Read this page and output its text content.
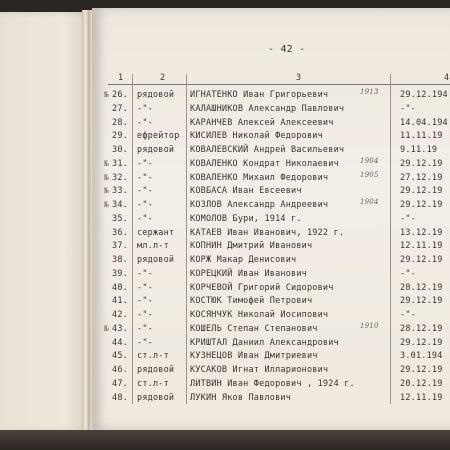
- 42 -
1	2	3	4
№ 26. рядовой ИГНАТЕНКО Иван Григорьевич	1913	29.12.194
27. -"-	КАЛАШНИКОВ Александр Павлович	-"-
28. -"-	КАРАНЧЕВ Алексей Алексеевич	14.04.194
29. ефрейтор КИСИЛЕВ Николай Федорович	11.11.19
30. рядовой КОВАЛЕВСКИЙ Андрей Васильевич	9.11.19
№ 31. -"-	КОВАЛЕНКО Кондрат Николаевич	1904	29.12.19
№ 32. -"-	КОВАЛЕНКО Михаил Федорович	1905	27.12.19
№ 33. -"-	КОВБАСА Иван Евсеевич	29.12.19
№ 34. -"-	КОЗЛОВ Александр Андреевич	1904	29.12.19
35. -"-	КОМОЛОВ Бури, 1914 г.	-"-
36. сержант КАТАЕВ Иван Иванович, 1922 г.	13.12.19
37. мл.л-т КОПНИН Дмитрий Иванович	12.11.19
38. рядовой КОРЖ Макар Денисович	29.12.19
39. -"-	КОРЕЦКИЙ Иван Иванович	-"-
40. -"-	КОРЧЕВОЙ Григорий Сидорович	28.12.19
41. -"-	КОСТЮК Тимофей Петрович	29.12.19
42. -"-	КОСЯНЧУК Николай Иосипович	-"-
№ 43. -"-	КОШЕЛЬ Степан Степанович	1910	28.12.19
44. -"-	КРИШТАЛ Даниил Александрович	29.12.19
45. ст.л-т КУЗНЕЦОВ Иван Дмитриевич	3.01.194
46. рядовой КУСАКОВ Игнат Илларионович	29.12.19
47. ст.л-т ЛИТВИН Иван Федорович , 1924 г.	20.12.19
48. рядовой ЛУКИН Яков Павлович	12.11.19
